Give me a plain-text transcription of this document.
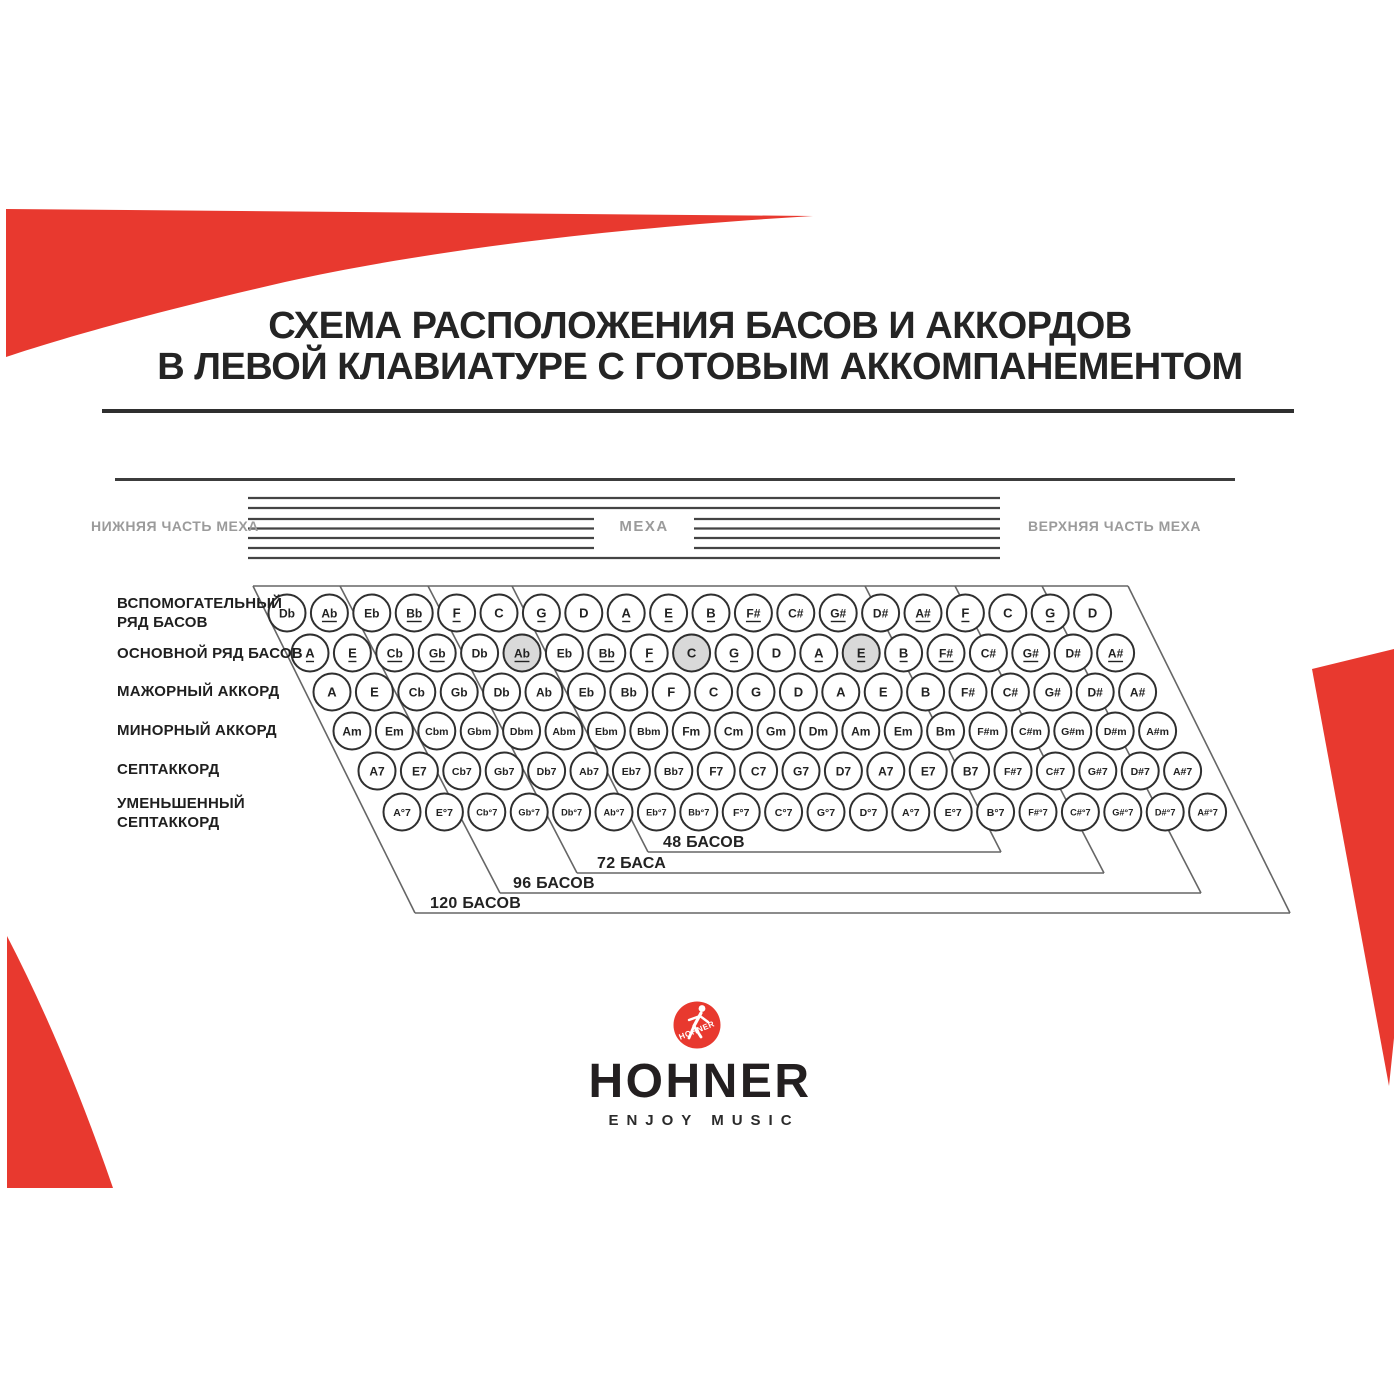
Db Ab Eb Bb F	C	G	D	A	E	B	F# C# G# D# A# F	C	G	D
A	E	Cb Gb Db Ab Eb Bb F	C	G	D	A	E	B	F# C# G# D# A#
A	E	Cb Gb Db Ab Eb Bb F	C	G	D	A	E	B	F# C# G# D# A#
Am Em Cbm Gbm Dbm Abm Ebm Bbm Fm Cm Gm Dm Am Em Bm F#m C#m G#m D#m A#m
A7 E7 Cb7 Gb7 Db7 Ab7 Eb7 Bb7 F7 C7 G7 D7 A7 E7 B7 F#7 C#7 G#7 D#7 A#7
A°7 E°7	Cb°7 Gb°7 Db°7 Ab°7 Eb°7 Bb°7 F°7 C°7 G°7 D°7 A°7 E°7 B°7	F#°7 C#°7 G#°7 D#°7 A#°7
HOHNER
СХЕМА РАСПОЛОЖЕНИЯ БАСОВ И АККОРДОВ
В ЛЕВОЙ КЛАВИАТУРЕ С ГОТОВЫМ АККОМПАНЕМЕНТОМ
НИЖНЯЯ ЧАСТЬ МЕХА	МЕХА	ВЕРХНЯЯ ЧАСТЬ МЕХА
ВСПОМОГАТЕЛЬНЫЙ
РЯД БАСОВ
ОСНОВНОЙ РЯД БАСОВ
МАЖОРНЫЙ АККОРД
МИНОРНЫЙ АККОРД
СЕПТАККОРД
УМЕНЬШЕННЫЙ
СЕПТАККОРД
48 БАСОВ
72 БАСА
96 БАСОВ
120 БАСОВ
HOHNER
ENJOY MUSIC
